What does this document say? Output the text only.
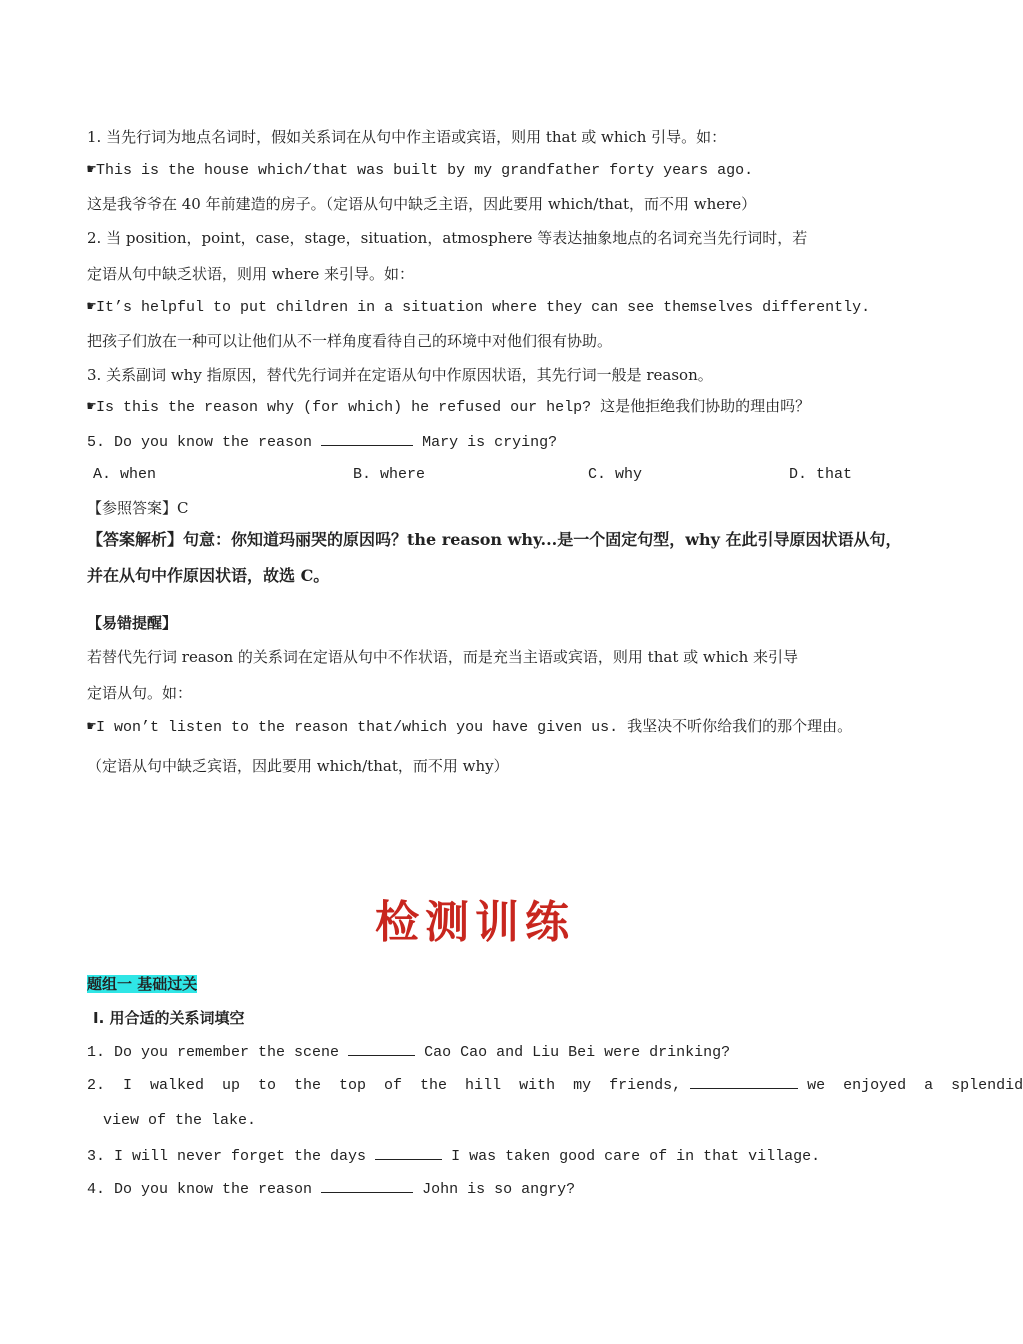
1. 当先行词为地点名词时，假如关系词在从句中作主语或宾语，则用 that 或 which 引导。如：
☛This is the house which/that was built by my grandfather forty years ago.
这是我爷爷在 40 年前建造的房子。（定语从句中缺乏主语，因此要用 which/that，而不用 where）
2. 当 position，point，case，stage，situation，atmosphere 等表达抽象地点的名词充当先行词时，若
定语从句中缺乏状语，则用 where 来引导。如：
☛It’s helpful to put children in a situation where they can see themselves differently.
把孩子们放在一种可以让他们从不一样角度看待自己的环境中对他们很有协助。
3. 关系副词 why 指原因，替代先行词并在定语从句中作原因状语，其先行词一般是 reason。
☛Is this the reason why (for which) he refused our help? 这是他拒绝我们协助的理由吗？
5. Do you know the reason	Mary is crying?
A. when	B. where	C. why	D. that
【参照答案】C
【答案解析】句意：你知道玛丽哭的原因吗？the reason why...是一个固定句型，why 在此引导原因状语从句，
并在从句中作原因状语，故选 C。
【易错提醒】
若替代先行词 reason 的关系词在定语从句中不作状语，而是充当主语或宾语，则用 that 或 which 来引导
定语从句。如：
☛I won’t listen to the reason that/which you have given us. 我坚决不听你给我们的那个理由。
（定语从句中缺乏宾语，因此要用 which/that，而不用 why）
检测训练
题组一 基础过关
I. 用合适的关系词填空
1. Do you remember the scene	Cao Cao and Liu Bei were drinking?
2.  I  walked  up  to  the  top  of  the  hill  with  my  friends,	we  enjoyed  a  splendid
view of the lake.
3. I will never forget the days	I was taken good care of in that village.
4. Do you know the reason	John is so angry?
